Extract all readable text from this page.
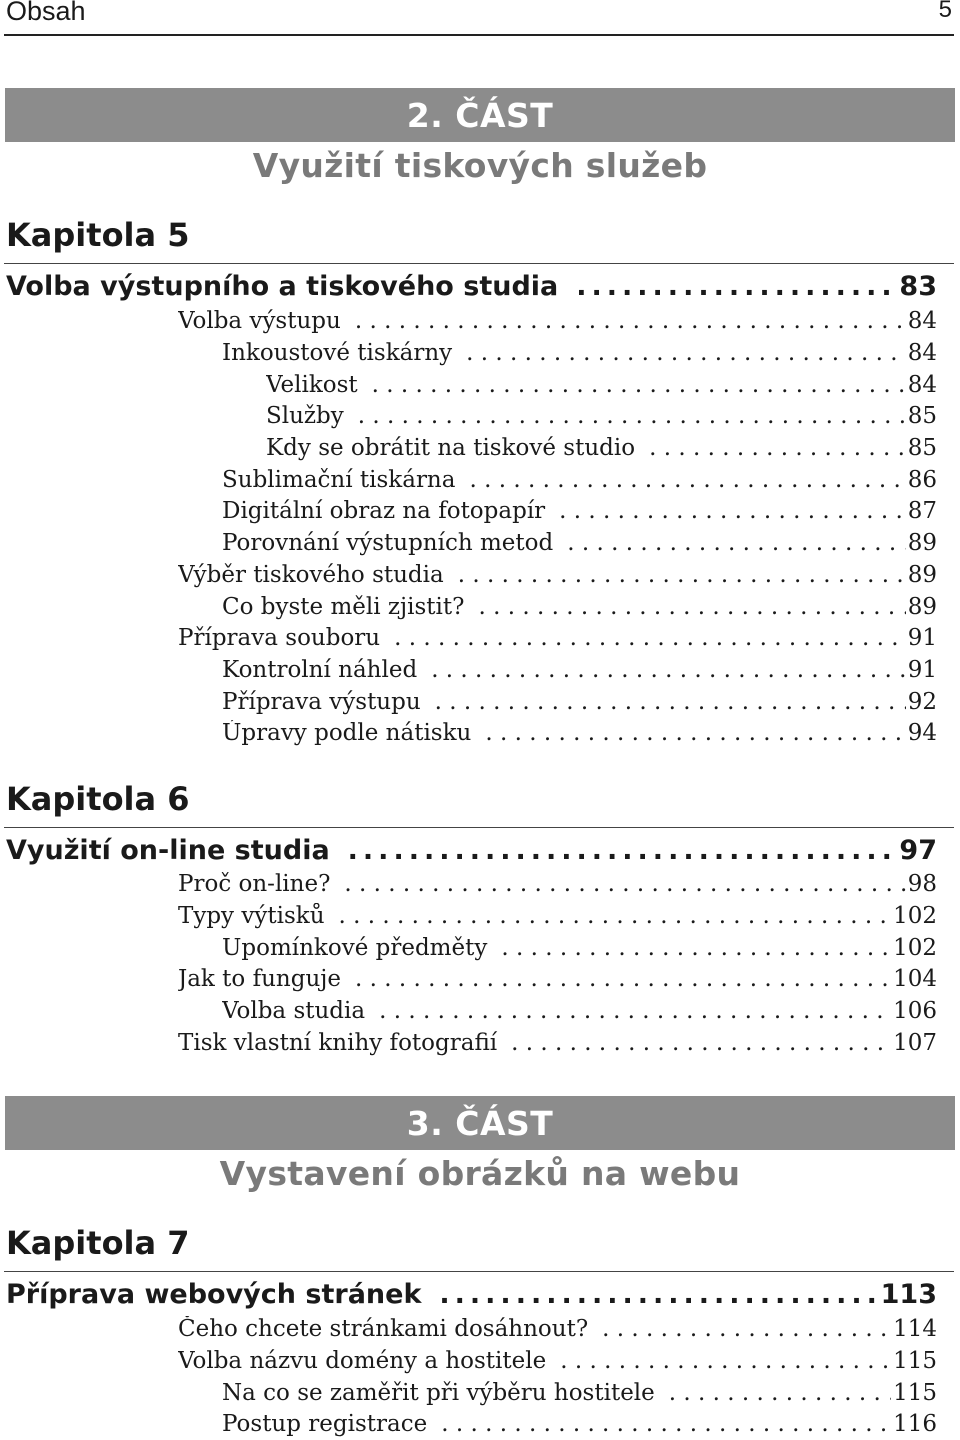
Obsah	5
2. ČÁST
Využití tiskových služeb
Kapitola 5
Volba výstupního a tiskového studia .....	83
Volba výstupu . . .	84
Inkoustové tiskárny . . .	84
Velikost . . .	84
Služby . . .	85
Kdy se obrátit na tiskové studio . . .	85
Sublimační tiskárna . . .	86
Digitální obraz na fotopapír . . .	87
Porovnání výstupních metod . . .	89
Výběr tiskového studia . . .	89
Co byste měli zjistit? . . .	89
Příprava souboru . . .	91
Kontrolní náhled . . .	91
Příprava výstupu . . .	92
Úpravy podle nátisku . . .	94
Kapitola 6
Využití on-line studia .....	97
Proč on-line? . . .	98
Typy výtisků . . .	102
Upomínkové předměty . . .	102
Jak to funguje . . .	104
Volba studia . . .	106
Tisk vlastní knihy fotografií . . .	107
3. ČÁST
Vystavení obrázků na webu
Kapitola 7
Příprava webových stránek .....	113
Čeho chcete stránkami dosáhnout? . . .	114
Volba názvu domény a hostitele . . .	115
Na co se zaměřit při výběru hostitele . . .	115
Postup registrace . . .	116
